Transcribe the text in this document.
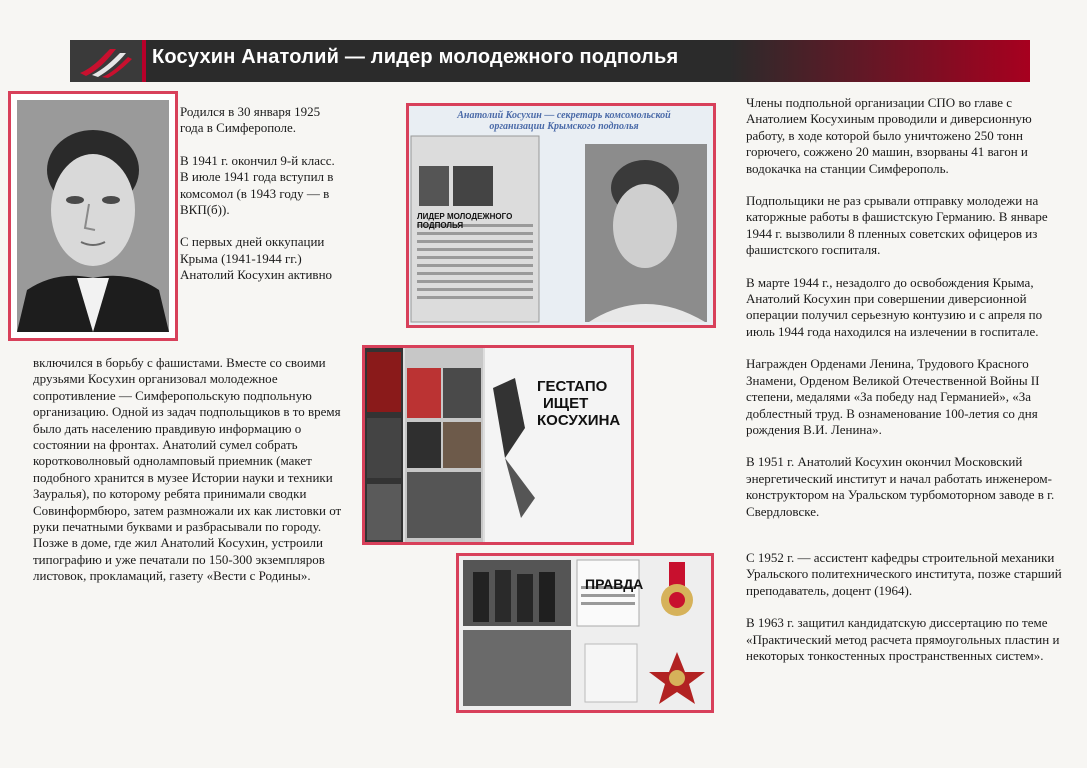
Косухин Анатолий — лидер молодежного подполья

Родился в 30 января 1925 года в Симферополе.

В 1941 г. окончил 9-й класс. В июле 1941 года вступил в комсомол (в 1943 году — в ВКП(б)).

С первых дней оккупации Крыма (1941-1944 гг.) Анатолий Косухин активно

включился в борьбу с фашистами. Вместе со своими друзьями Косухин организовал молодежное сопротивление — Симферопольскую подпольную организацию. Одной из задач подпольщиков в то время было дать населению правдивую информацию о состоянии на фронтах. Анатолий сумел собрать коротковолновый одноламповый приемник (макет подобного хранится в музее Истории науки и техники Зауралья), по которому ребята принимали сводки Совинформбюро, затем размножали их как листовки от руки печатными буквами и разбрасывали по городу. Позже в доме, где жил Анатолий Косухин, устроили типографию и уже печатали по 150-300 экземпляров листовок, прокламаций, газету «Вести с Родины».

Анатолий Косухин — секретарь комсомольской организации Крымского подполья
ЛИДЕР МОЛОДЕЖНОГО ПОДПОЛЬЯ
ГЕСТАПО
ИЩЕТ
КОСУХИНА
ПРАВДА

Члены подпольной организации СПО во главе с Анатолием Косухиным проводили и диверсионную работу, в ходе которой было уничтожено 250 тонн горючего, сожжено 20 машин, взорваны 41 вагон и водокачка на станции Симферополь.

Подпольщики не раз срывали отправку молодежи на каторжные работы в фашистскую Германию. В январе 1944 г. вызволили 8 пленных советских офицеров из фашистского госпиталя.

В марте 1944 г., незадолго до освобождения Крыма, Анатолий Косухин при совершении диверсионной операции получил серьезную контузию и с апреля по июль 1944 года находился на излечении в госпитале.

Награжден Орденами Ленина, Трудового Красного Знамени, Орденом Великой Отечественной Войны II степени, медалями «За победу над Германией», «За доблестный труд. В ознаменование 100-летия со дня рождения В.И. Ленина».

В 1951 г. Анатолий Косухин окончил Московский энергетический институт и начал работать инженером-конструктором на Уральском турбомоторном заводе в г. Свердловске.

С 1952 г. — ассистент кафедры строительной механики Уральского политехнического института, позже старший преподаватель, доцент (1964).

В 1963 г. защитил кандидатскую диссертацию по теме «Практический метод расчета прямоугольных пластин и некоторых тонкостенных пространственных систем».
